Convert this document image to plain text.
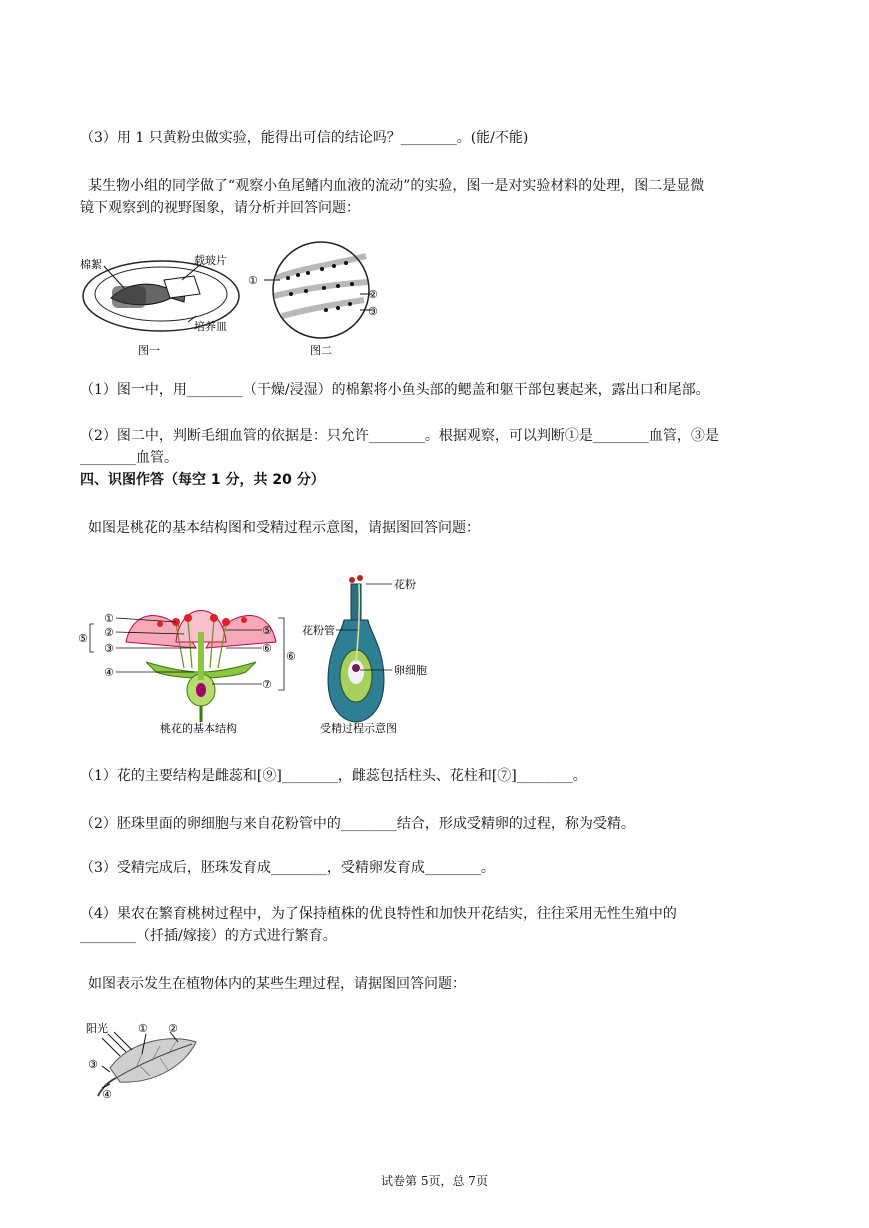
（3）用 1 只黄粉虫做实验，能得出可信的结论吗？________。(能/不能)
某生物小组的同学做了“观察小鱼尾鳍内血液的流动”的实验，图一是对实验材料的处理，图二是显微
镜下观察到的视野图象，请分析并回答问题：
棉絮	载玻片
培养皿
图一
①
②
③
图二
（1）图一中，用________（干燥/浸湿）的棉絮将小鱼头部的鳃盖和躯干部包裹起来，露出口和尾部。
（2）图二中，判断毛细血管的依据是：只允许________。根据观察，可以判断①是________血管，③是
________血管。
四、识图作答（每空 1 分，共 20 分）
如图是桃花的基本结构图和受精过程示意图，请据图回答问题：
①
②
③
④
⑤
⑥
⑦
⑤
⑥
桃花的基本结构
花粉
花粉管
卵细胞
受精过程示意图
（1）花的主要结构是雌蕊和[⑨]________，雌蕊包括柱头、花柱和[⑦]________。
（2）胚珠里面的卵细胞与来自花粉管中的________结合，形成受精卵的过程，称为受精。
（3）受精完成后，胚珠发育成________，受精卵发育成________。
（4）果农在繁育桃树过程中，为了保持植株的优良特性和加快开花结实，往往采用无性生殖中的
________（扦插/嫁接）的方式进行繁育。
如图表示发生在植物体内的某些生理过程，请据图回答问题：
阳光	① ②
③
④
试卷第 5页，总 7页
